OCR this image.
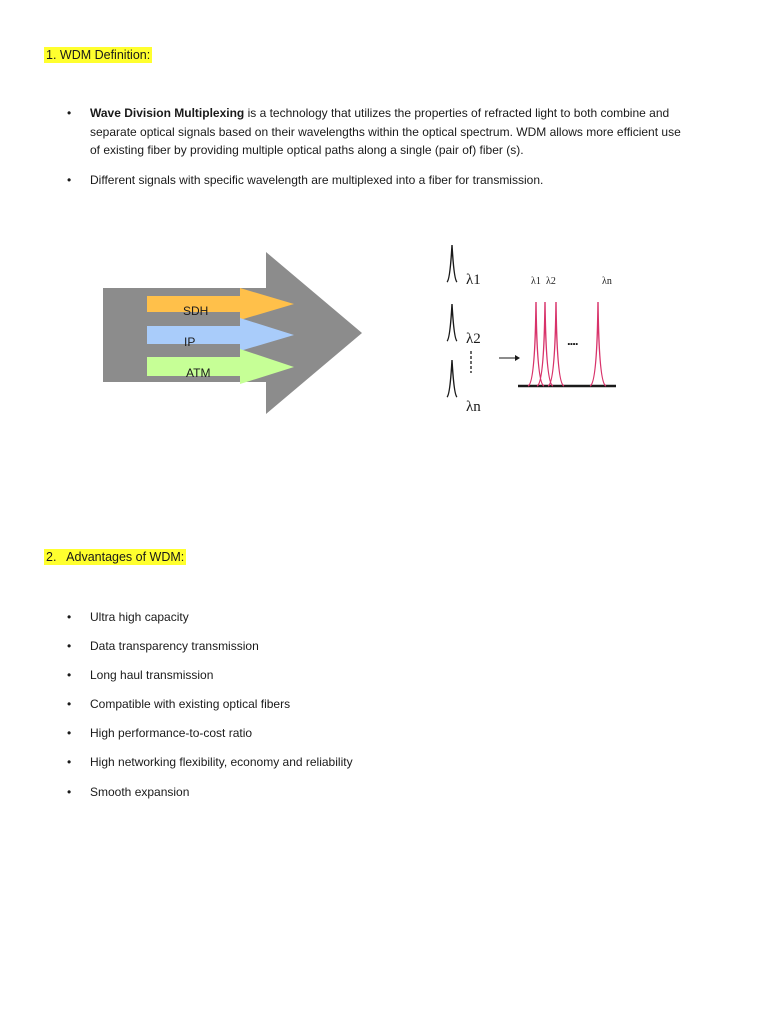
1. WDM Definition:
• Wave Division Multiplexing is a technology that utilizes the properties of refracted light to both combine and
separate optical signals based on their wavelengths within the optical spectrum. WDM allows more efficient use
of existing fiber by providing multiple optical paths along a single (pair of) fiber (s).
• Different signals with specific wavelength are multiplexed into a fiber for transmission.
SDH
IP
ATM
λ1
λ2
λn
λ1 λ2	λn
....
2.   Advantages of WDM:
• Ultra high capacity
• Data transparency transmission
• Long haul transmission
• Compatible with existing optical fibers
• High performance-to-cost ratio
• High networking flexibility, economy and reliability
• Smooth expansion
